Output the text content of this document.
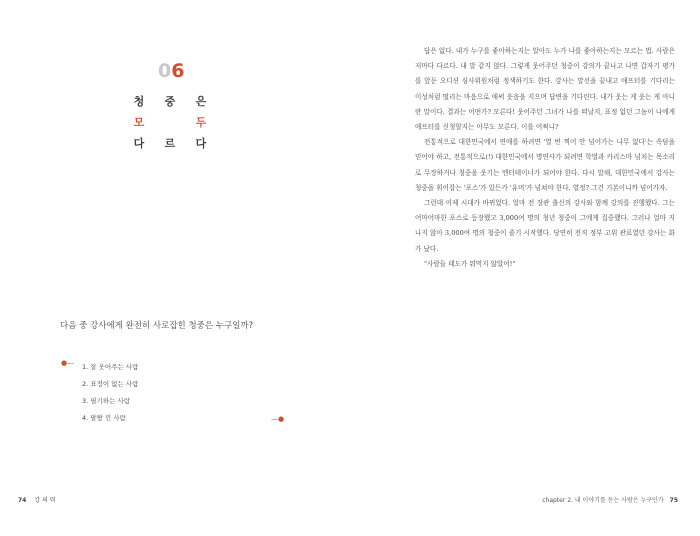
06
청 중 은
모	두
다 르 다
다음 중 강사에게 완전히 사로잡힌 청중은 누구일까?
●— 1. 잘 웃어주는 사람
2. 표정이 없는 사람
3. 필기하는 사람
4. 팔짱 낀 사람	—●
74 강 의 력

답은 없다. 내가 누구를 좋아하는지는 알아도 누가 나를 좋아하는지는 모르는 법. 사람은 저마다 다르다. 내 말 같지 않다. 그렇게 웃어주던 청중이 강의가 끝나고 나면 갑자기 평가를 앞둔 오디션 심사위원처럼 정색하기도 한다. 강사는 말선을 끝내고 애프터를 기다리는 이성처럼 떨리는 마음으로 애써 웃음을 지으며 답변을 기다린다. 내가 웃는 게 웃는 게 아니란 말이다. 결과는 어떤가? 모른다! 웃어주던 그녀가 나를 떠날지, 표정 없던 그놈이 나에게 애프터를 신청할지는 아무도 모른다. 이를 어쩌니?

전통적으로 대한민국에서 연애를 하려면 '열 번 찍어 안 넘어가는 나무 없다'는 속담을 믿어야 하고, 전통적으로(!) 대한민국에서 명연사가 되려면 학벌과 카리스마 넘치는 목소리로 무장하거나 청중을 웃기는 엔터테이너가 되어야 한다. 다시 말해, 대한민국에서 강사는 청중을 휘어잡는 '포스'가 있든가 '유머'가 넘쳐야 한다. 열정? 그건 기본이니까 넘어가자.

그런데 이제 시대가 바뀌었다. 얼마 전 장관 출신의 강사와 함께 강의를 진행했다. 그는 어마어마한 포스로 등장했고 3,000여 명의 청년 청중이 그에게 집중했다. 그러나 얼마 지나지 않아 3,000여 명의 청중이 졸기 시작했다. 당연히 전직 정부 고위 관료였던 강사는 화가 났다.

"사람들 태도가 뭐먹지 않았어!"

chapter 2. 내 이야기를 듣는 사람은 누구인가 75
